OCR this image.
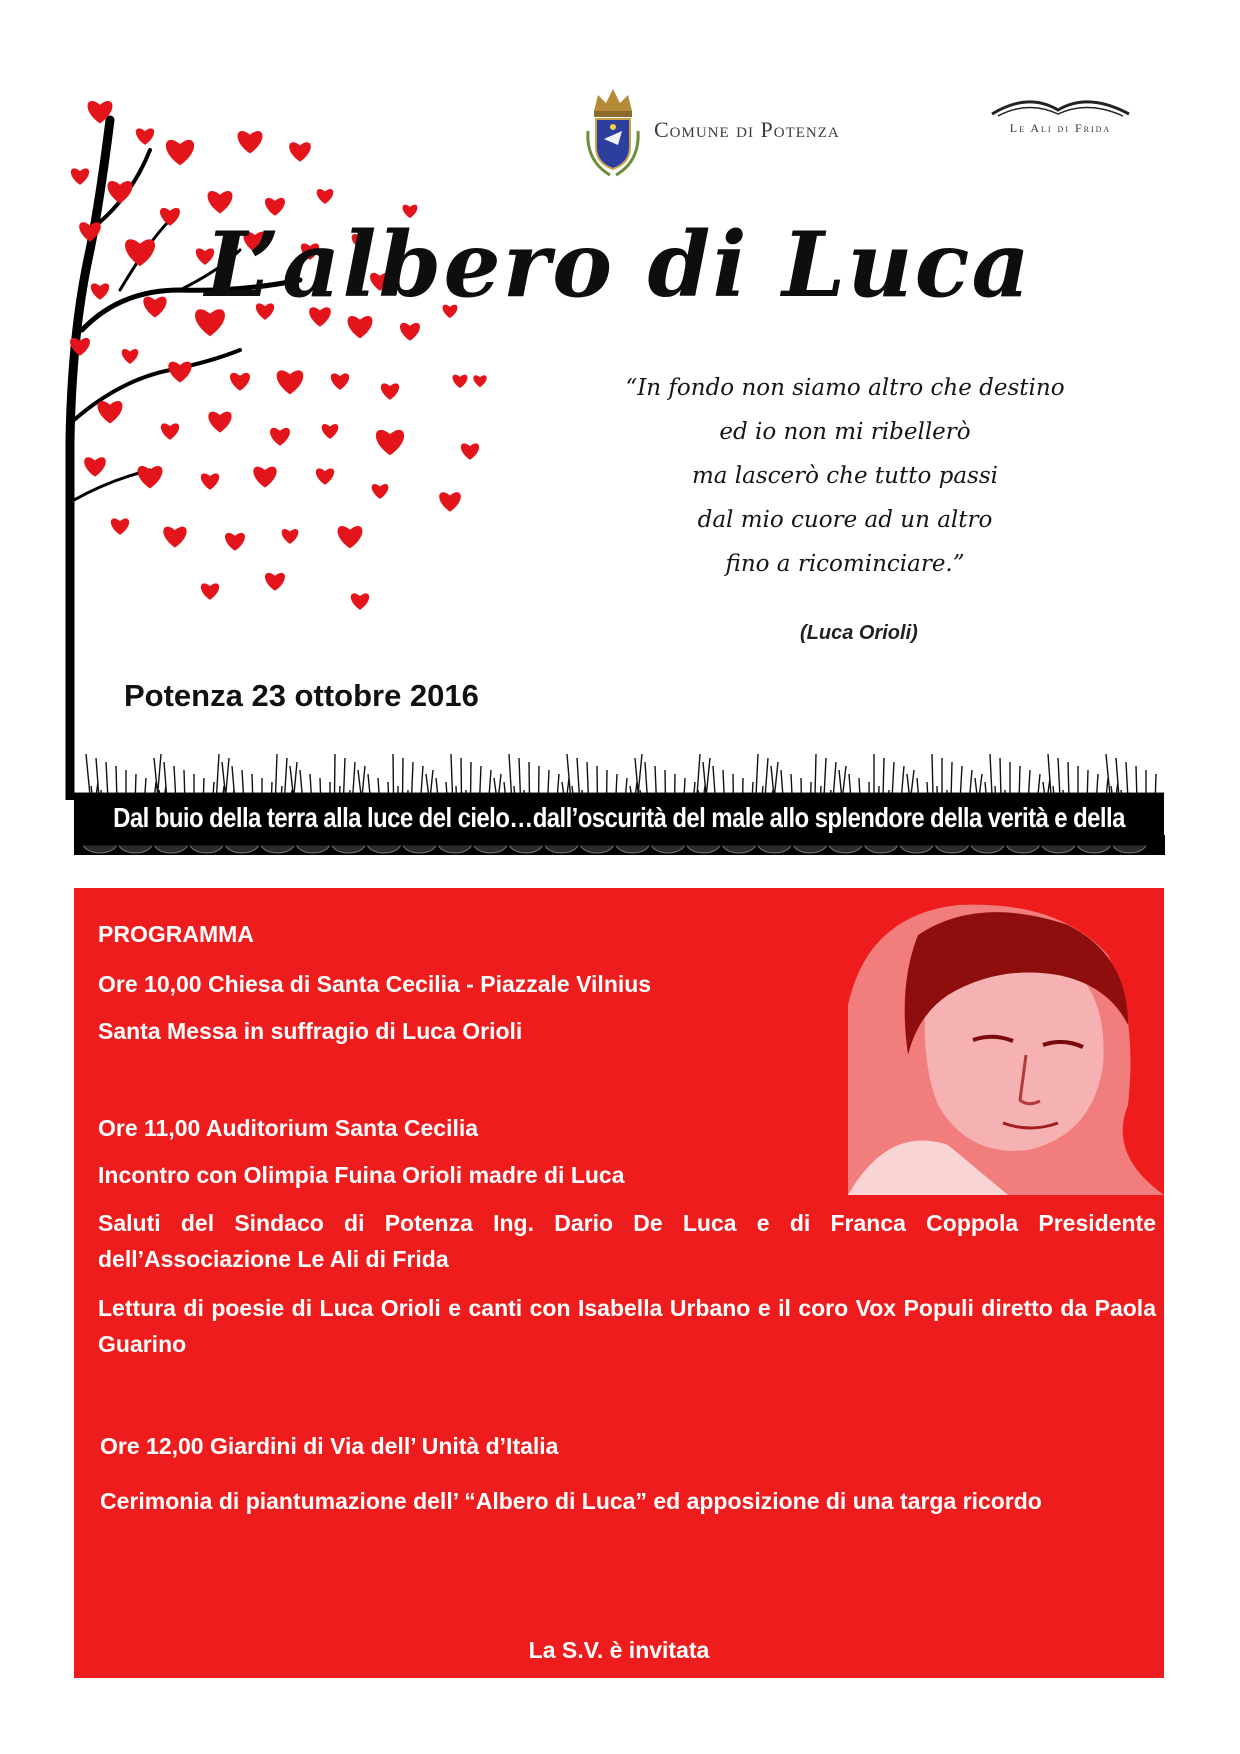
Comune di Potenza	Le Ali di Frida
L’albero di Luca
“In fondo non siamo altro che destino
ed io non mi ribellerò
ma lascerò che tutto passi
dal mio cuore ad un altro
fino a ricominciare.”
(Luca Orioli)
Potenza 23 ottobre 2016
Dal buio della terra alla luce del cielo…dall’oscurità del male allo splendore della verità e della giustizia!
PROGRAMMA
Ore 10,00 Chiesa di Santa Cecilia - Piazzale Vilnius
Santa Messa in suffragio di Luca Orioli
Ore 11,00 Auditorium Santa Cecilia
Incontro con Olimpia Fuina Orioli madre di Luca
Saluti del Sindaco di Potenza Ing. Dario De Luca e di Franca Coppola Presidente dell’Associazione Le Ali di Frida
Lettura di poesie di Luca Orioli e canti con Isabella Urbano e il coro Vox Populi diretto da Paola Guarino
Ore 12,00 Giardini di Via dell’ Unità d’Italia
Cerimonia di piantumazione dell’ “Albero di Luca” ed apposizione di una targa ricordo
La S.V. è invitata
